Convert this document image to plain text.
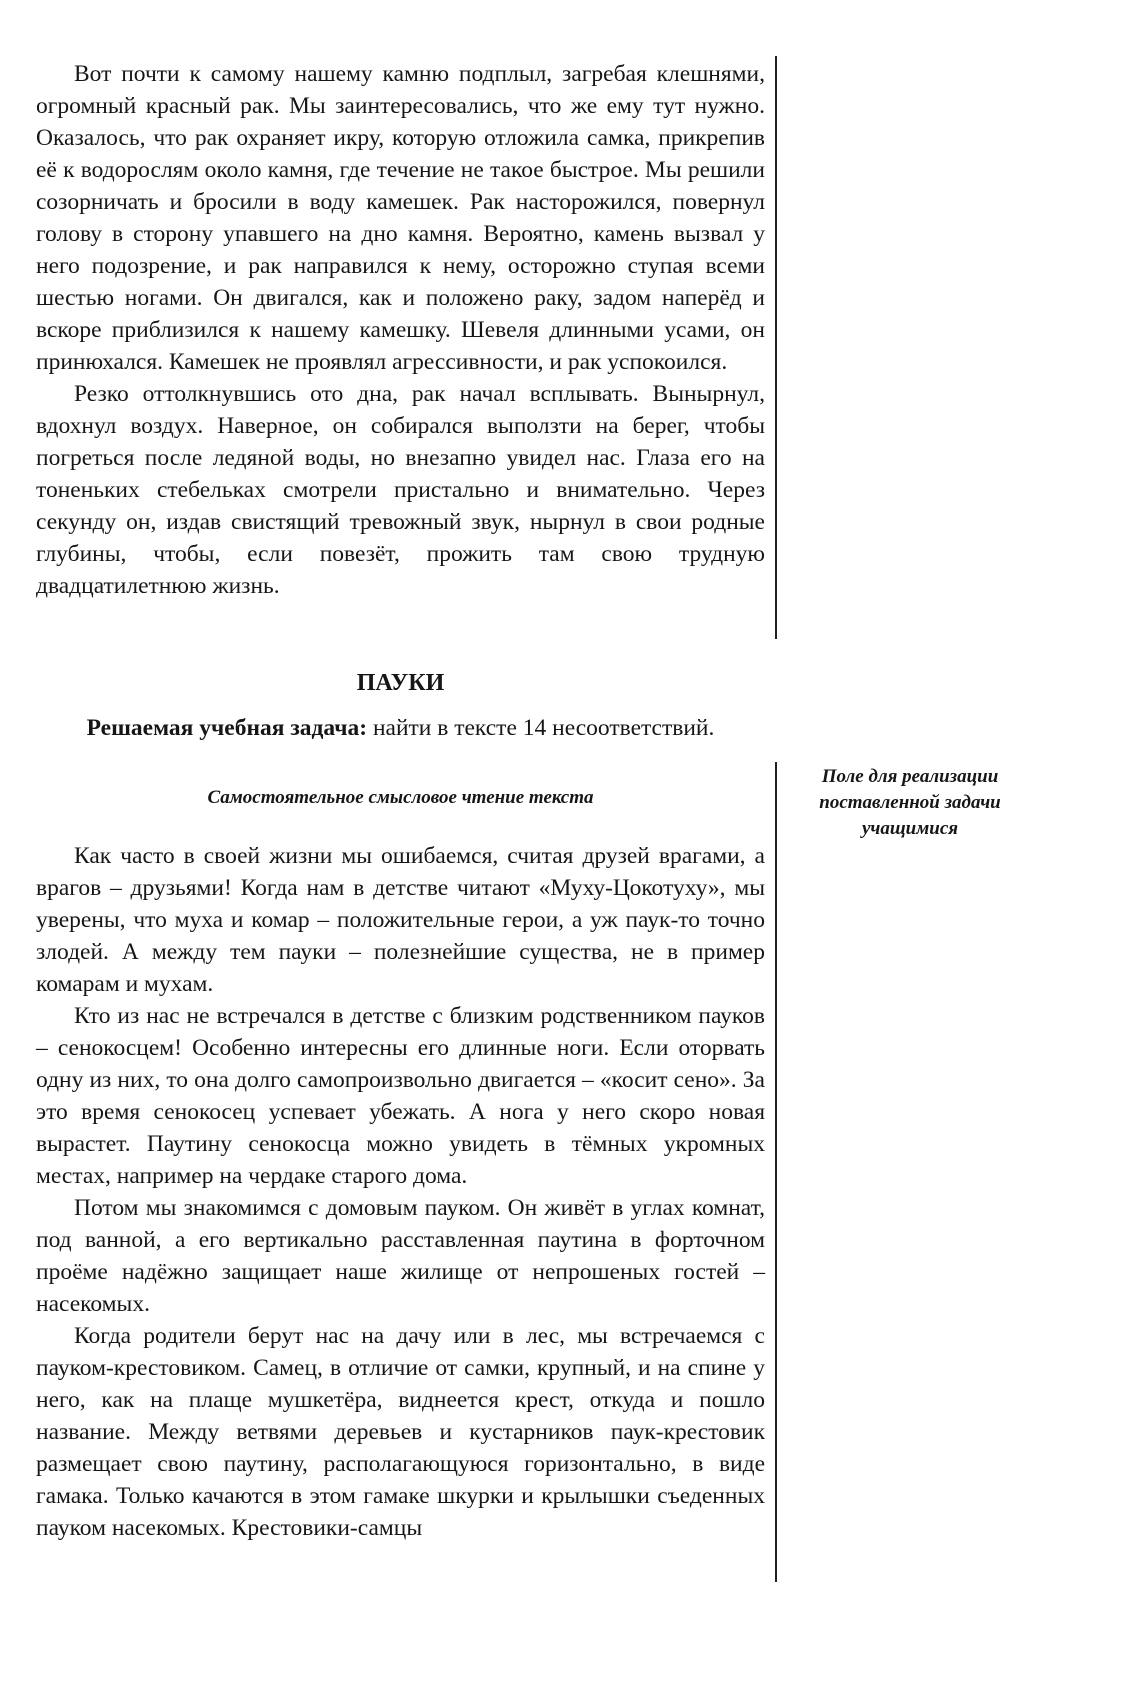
Вот почти к самому нашему камню подплыл, загребая клешнями, огромный красный рак. Мы заинтересовались, что же ему тут нужно. Оказалось, что рак охраняет икру, которую отложила самка, прикрепив её к водорослям около камня, где течение не такое быстрое. Мы решили созорничать и бросили в воду камешек. Рак насторожился, повернул голову в сторону упавшего на дно камня. Вероятно, камень вызвал у него подозрение, и рак направился к нему, осторожно ступая всеми шестью ногами. Он двигался, как и положено раку, задом наперёд и вскоре приблизился к нашему камешку. Шевеля длинными усами, он принюхался. Камешек не проявлял агрессивности, и рак успокоился.

Резко оттолкнувшись ото дна, рак начал всплывать. Вынырнул, вдохнул воздух. Наверное, он собирался выползти на берег, чтобы погреться после ледяной воды, но внезапно увидел нас. Глаза его на тоненьких стебельках смотрели пристально и внимательно. Через секунду он, издав свистящий тревожный звук, нырнул в свои родные глубины, чтобы, если повезёт, прожить там свою трудную двадцатилетнюю жизнь.

ПАУКИ

Решаемая учебная задача: найти в тексте 14 несоответствий.

Самостоятельное смысловое чтение текста

Поле для реализации
поставленной задачи
учащимися

Как часто в своей жизни мы ошибаемся, считая друзей врагами, а врагов – друзьями! Когда нам в детстве читают «Муху-Цокотуху», мы уверены, что муха и комар – положительные герои, а уж паук-то точно злодей. А между тем пауки – полезнейшие существа, не в пример комарам и мухам.

Кто из нас не встречался в детстве с близким родственником пауков – сенокосцем! Особенно интересны его длинные ноги. Если оторвать одну из них, то она долго самопроизвольно двигается – «косит сено». За это время сенокосец успевает убежать. А нога у него скоро новая вырастет. Паутину сенокосца можно увидеть в тёмных укромных местах, например на чердаке старого дома.

Потом мы знакомимся с домовым пауком. Он живёт в углах комнат, под ванной, а его вертикально расставленная паутина в форточном проёме надёжно защищает наше жилище от непрошеных гостей – насекомых.

Когда родители берут нас на дачу или в лес, мы встречаемся с пауком-крестовиком. Самец, в отличие от самки, крупный, и на спине у него, как на плаще мушкетёра, виднеется крест, откуда и пошло название. Между ветвями деревьев и кустарников паук-крестовик размещает свою паутину, располагающуюся горизонтально, в виде гамака. Только качаются в этом гамаке шкурки и крылышки съеденных пауком насекомых. Крестовики-самцы
